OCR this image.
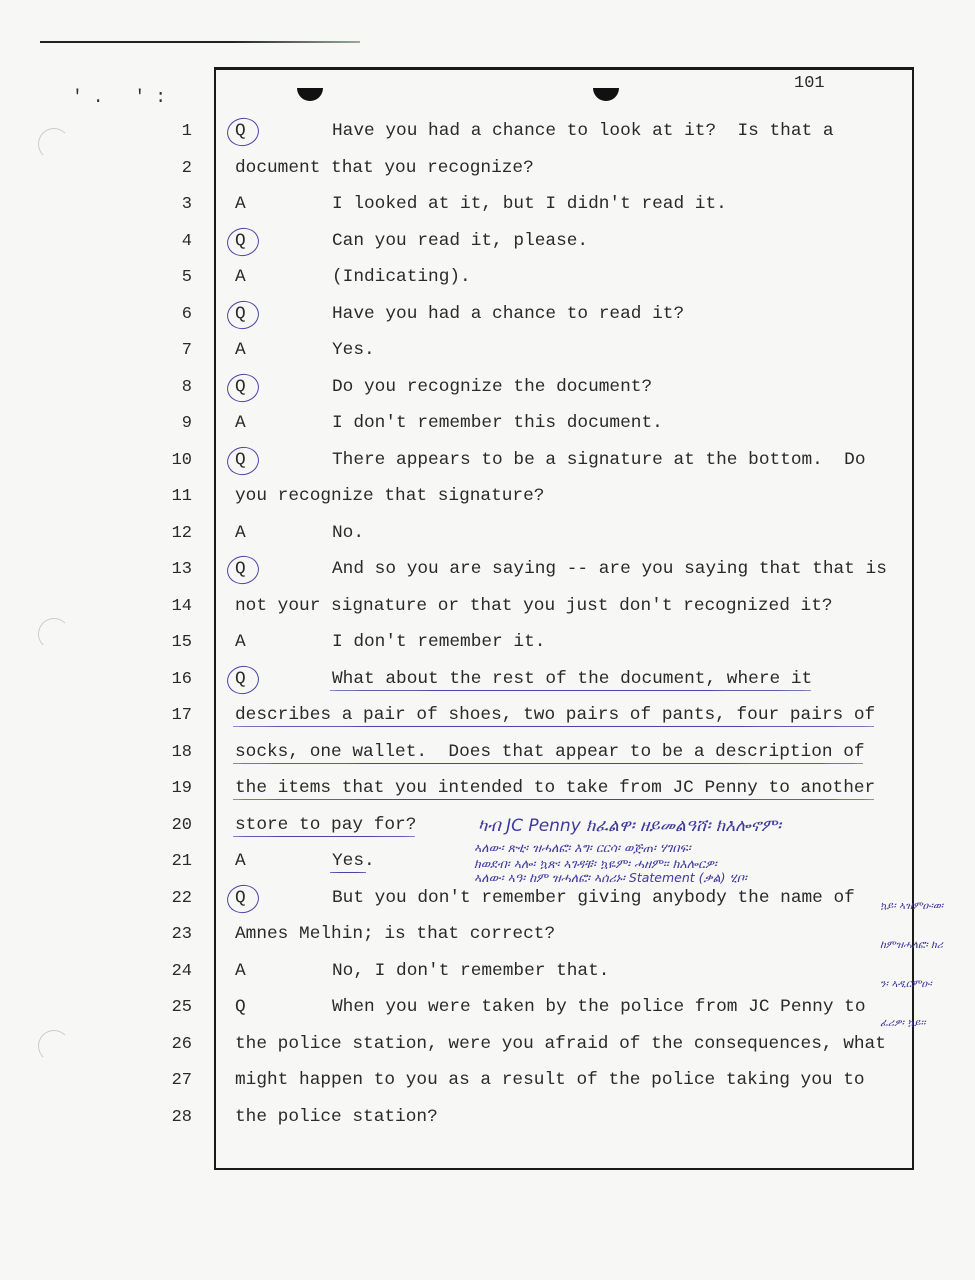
'. ':
101
1 Q	Have you had a chance to look at it?  Is that a
2 document that you recognize?
3 A	I looked at it, but I didn't read it.
4 Q	Can you read it, please.
5 A	(Indicating).
6 Q	Have you had a chance to read it?
7 A	Yes.
8 Q	Do you recognize the document?
9 A	I don't remember this document.
10 Q	There appears to be a signature at the bottom.  Do
11 you recognize that signature?
12 A	No.
13 Q	And so you are saying -- are you saying that that is
14 not your signature or that you just don't recognized it?
15 A	I don't remember it.
16 Q	What about the rest of the document, where it
17 describes a pair of shoes, two pairs of pants, four pairs of
18 socks, one wallet.  Does that appear to be a description of
19 the items that you intended to take from JC Penny to another
20 store to pay for?
21 A	Yes.
22 Q	But you don't remember giving anybody the name of
23 Amnes Melhin; is that correct?
24 A	No, I don't remember that.
25 Q	When you were taken by the police from JC Penny to
26 the police station, were you afraid of the consequences, what
27 might happen to you as a result of the police taking you to
28 the police station?
ካብ JC Penny ክፈልዋ፡ ዘይመልዓሸ፡ ክእሎኖም፡
ኣለው፡ ጽቲ፡ ዝሓለፎ፡ እግ፡ ርርሳ፡ ወጅጠ፡ ሃገበፍ፡
ክወደብ፡ ኣሎ፡ ኳጽ፡ ኣገዳቹ፡ ኳዬም፡ ሓዘም፡፡ ክእሎርዎ፡
ኣለው፡ ኣዓ፡ ከም ዝሓለፎ፡ ኣሰሪኑ፡ Statement (ቃል) ሂቦ፡

ኳይ፡ ኣዝምዑ፡ወ፡

ከምዝሓለፎ፡ ክሪ

ን፡ ኣዲርምዑ፡

ፈሪዎ፡ ኳይ፡፡
